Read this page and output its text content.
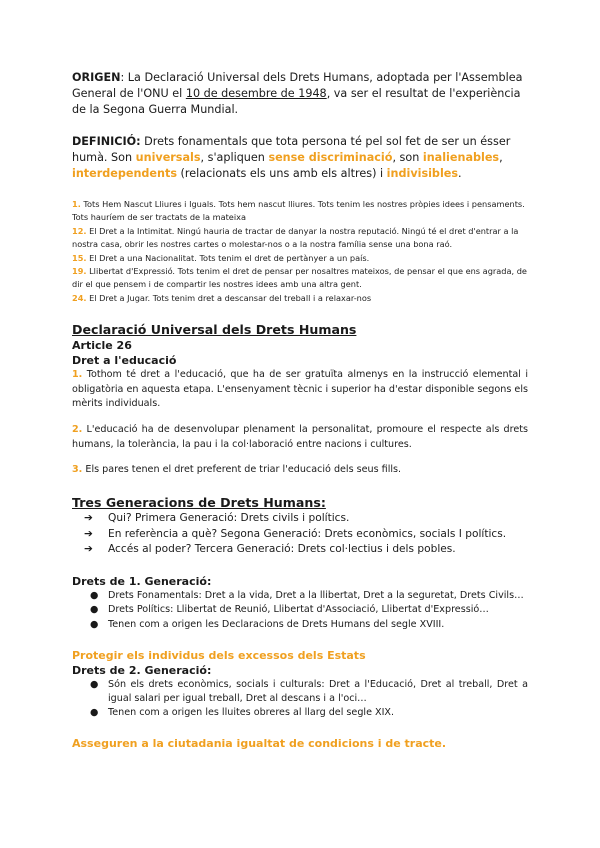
ORIGEN: La Declaració Universal dels Drets Humans, adoptada per l'Assemblea General de l'ONU el 10 de desembre de 1948, va ser el resultat de l'experiència de la Segona Guerra Mundial.

DEFINICIÓ: Drets fonamentals que tota persona té pel sol fet de ser un ésser humà. Son universals, s'apliquen sense discriminació, son inalienables, interdependents (relacionats els uns amb els altres) i indivisibles.

1. Tots Hem Nascut Lliures i Iguals. Tots hem nascut lliures. Tots tenim les nostres pròpies idees i pensaments. Tots hauríem de ser tractats de la mateixa

12. El Dret a la Intimitat. Ningú hauria de tractar de danyar la nostra reputació. Ningú té el dret d'entrar a la nostra casa, obrir les nostres cartes o molestar-nos o a la nostra família sense una bona raó.

15. El Dret a una Nacionalitat. Tots tenim el dret de pertànyer a un país.

19. Llibertat d'Expressió. Tots tenim el dret de pensar per nosaltres mateixos, de pensar el que ens agrada, de dir el que pensem i de compartir les nostres idees amb una altra gent.

24. El Dret a Jugar. Tots tenim dret a descansar del treball i a relaxar-nos

Declaració Universal dels Drets Humans

Article 26

Dret a l'educació

1. Tothom té dret a l'educació, que ha de ser gratuïta almenys en la instrucció elemental i obligatòria en aquesta etapa. L'ensenyament tècnic i superior ha d'estar disponible segons els mèrits individuals.

2. L'educació ha de desenvolupar plenament la personalitat, promoure el respecte als drets humans, la tolerància, la pau i la col·laboració entre nacions i cultures.

3. Els pares tenen el dret preferent de triar l'educació dels seus fills.

Tres Generacions de Drets Humans:

➔ Qui? Primera Generació: Drets civils i polítics.
➔ En referència a què? Segona Generació: Drets econòmics, socials I polítics.
➔ Accés al poder? Tercera Generació: Drets col·lectius i dels pobles.

Drets de 1. Generació:

● Drets Fonamentals: Dret a la vida, Dret a la llibertat, Dret a la seguretat, Drets Civils…
● Drets Polítics: Llibertat de Reunió, Llibertat d'Associació, Llibertat d'Expressió…
● Tenen com a origen les Declaracions de Drets Humans del segle XVIII.

Protegir els individus dels excessos dels Estats

Drets de 2. Generació:

● Són els drets econòmics, socials i culturals: Dret a l'Educació, Dret al treball, Dret a igual salari per igual treball, Dret al descans i a l'oci…
● Tenen com a origen les lluites obreres al llarg del segle XIX.

Asseguren a la ciutadania igualtat de condicions i de tracte.
